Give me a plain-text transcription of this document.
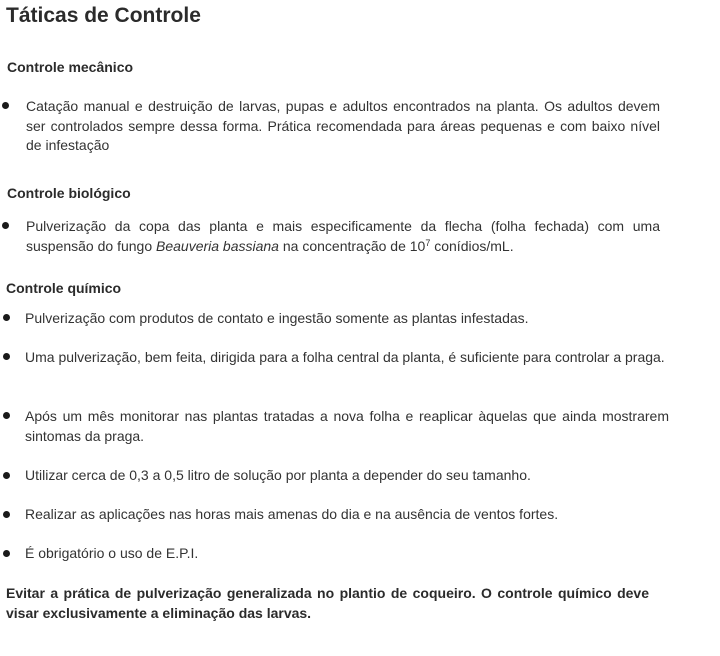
Táticas de Controle
Controle mecânico
Catação manual e destruição de larvas, pupas e adultos encontrados na planta. Os adultos devem ser controlados sempre dessa forma. Prática recomendada para áreas pequenas e com baixo nível de infestação
Controle biológico
Pulverização da copa das planta e mais especificamente da flecha (folha fechada) com uma suspensão do fungo Beauveria bassiana na concentração de $10^7$ conídios/mL.
Controle químico
Pulverização com produtos de contato e ingestão somente as plantas infestadas.
Uma pulverização, bem feita, dirigida para a folha central da planta, é suficiente para controlar a praga.
Após um mês monitorar nas plantas tratadas a nova folha e reaplicar àquelas que ainda mostrarem sintomas da praga.
Utilizar cerca de 0,3 a 0,5 litro de solução por planta a depender do seu tamanho.
Realizar as aplicações nas horas mais amenas do dia e na ausência de ventos fortes.
É obrigatório o uso de E.P.I.
Evitar a prática de pulverização generalizada no plantio de coqueiro. O controle químico deve visar exclusivamente a eliminação das larvas.
